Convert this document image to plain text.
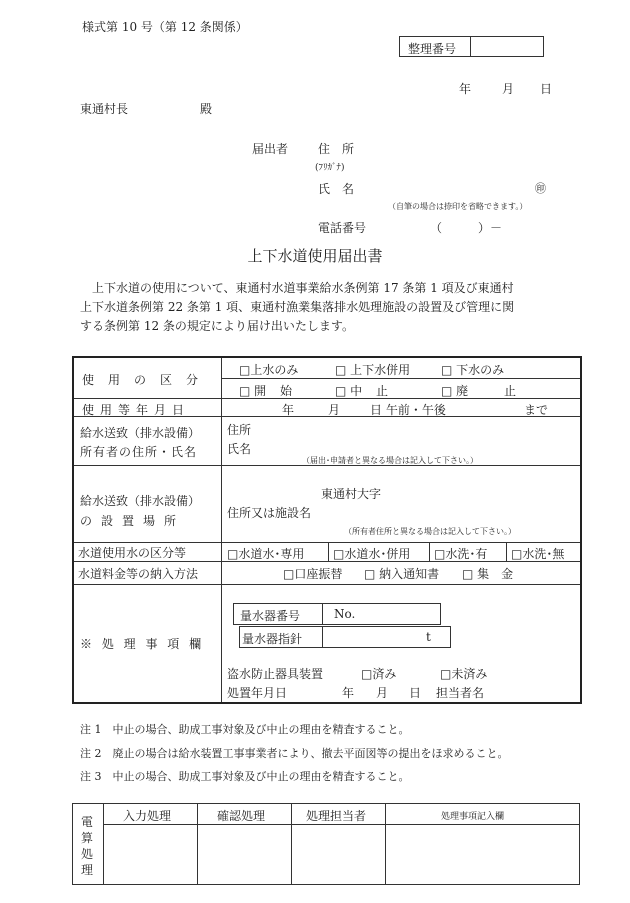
様式第 10 号（第 12 条関係）
整理番号
年	月 日
東通村長	殿
届出者 住　所
(ﾌﾘｶﾞﾅ)
氏　名	㊞
（自筆の場合は捺印を省略できます。）
電話番号	（　　　）－
上下水道使用届出書
上下水道の使用について、東通村水道事業給水条例第 17 条第 1 項及び東通村
上下水道条例第 22 条第 1 項、東通村漁業集落排水処理施設の設置及び管理に関
する条例第 12 条の規定により届け出いたします。
使用の区分
□上水のみ	□ 上下水併用	□ 下水のみ
□ 開 始	□ 中 止	□ 廃	止
使用等年月日	年	月 日 午前・午後	まで
給水送致（排水設備）
所有者の住所・氏名
住所
氏名
（届出･申請者と異なる場合は記入して下さい。）
給水送致（排水設備）
の設置場所
東通村大字
住所又は施設名
（所有者住所と異なる場合は記入して下さい。）
水道使用水の区分等	□水道水･専用 □水道水･併用 □水洗･有 □水洗･無
水道料金等の納入方法	□口座振替 □ 納入通知書 □ 集　金
※ 処 理 事 項 欄
量水器番号	No.
量水器指針	t
盗水防止器具装置	□済み	□未済み
処置年月日	年 月 日 担当者名
注 1　中止の場合、助成工事対象及び中止の理由を精査すること。
注 2　廃止の場合は給水装置工事事業者により、撤去平面図等の提出をほ求めること。
注 3　中止の場合、助成工事対象及び中止の理由を精査すること。
電算処理
入力処理	確認処理	処理担当者	処理事項記入欄
